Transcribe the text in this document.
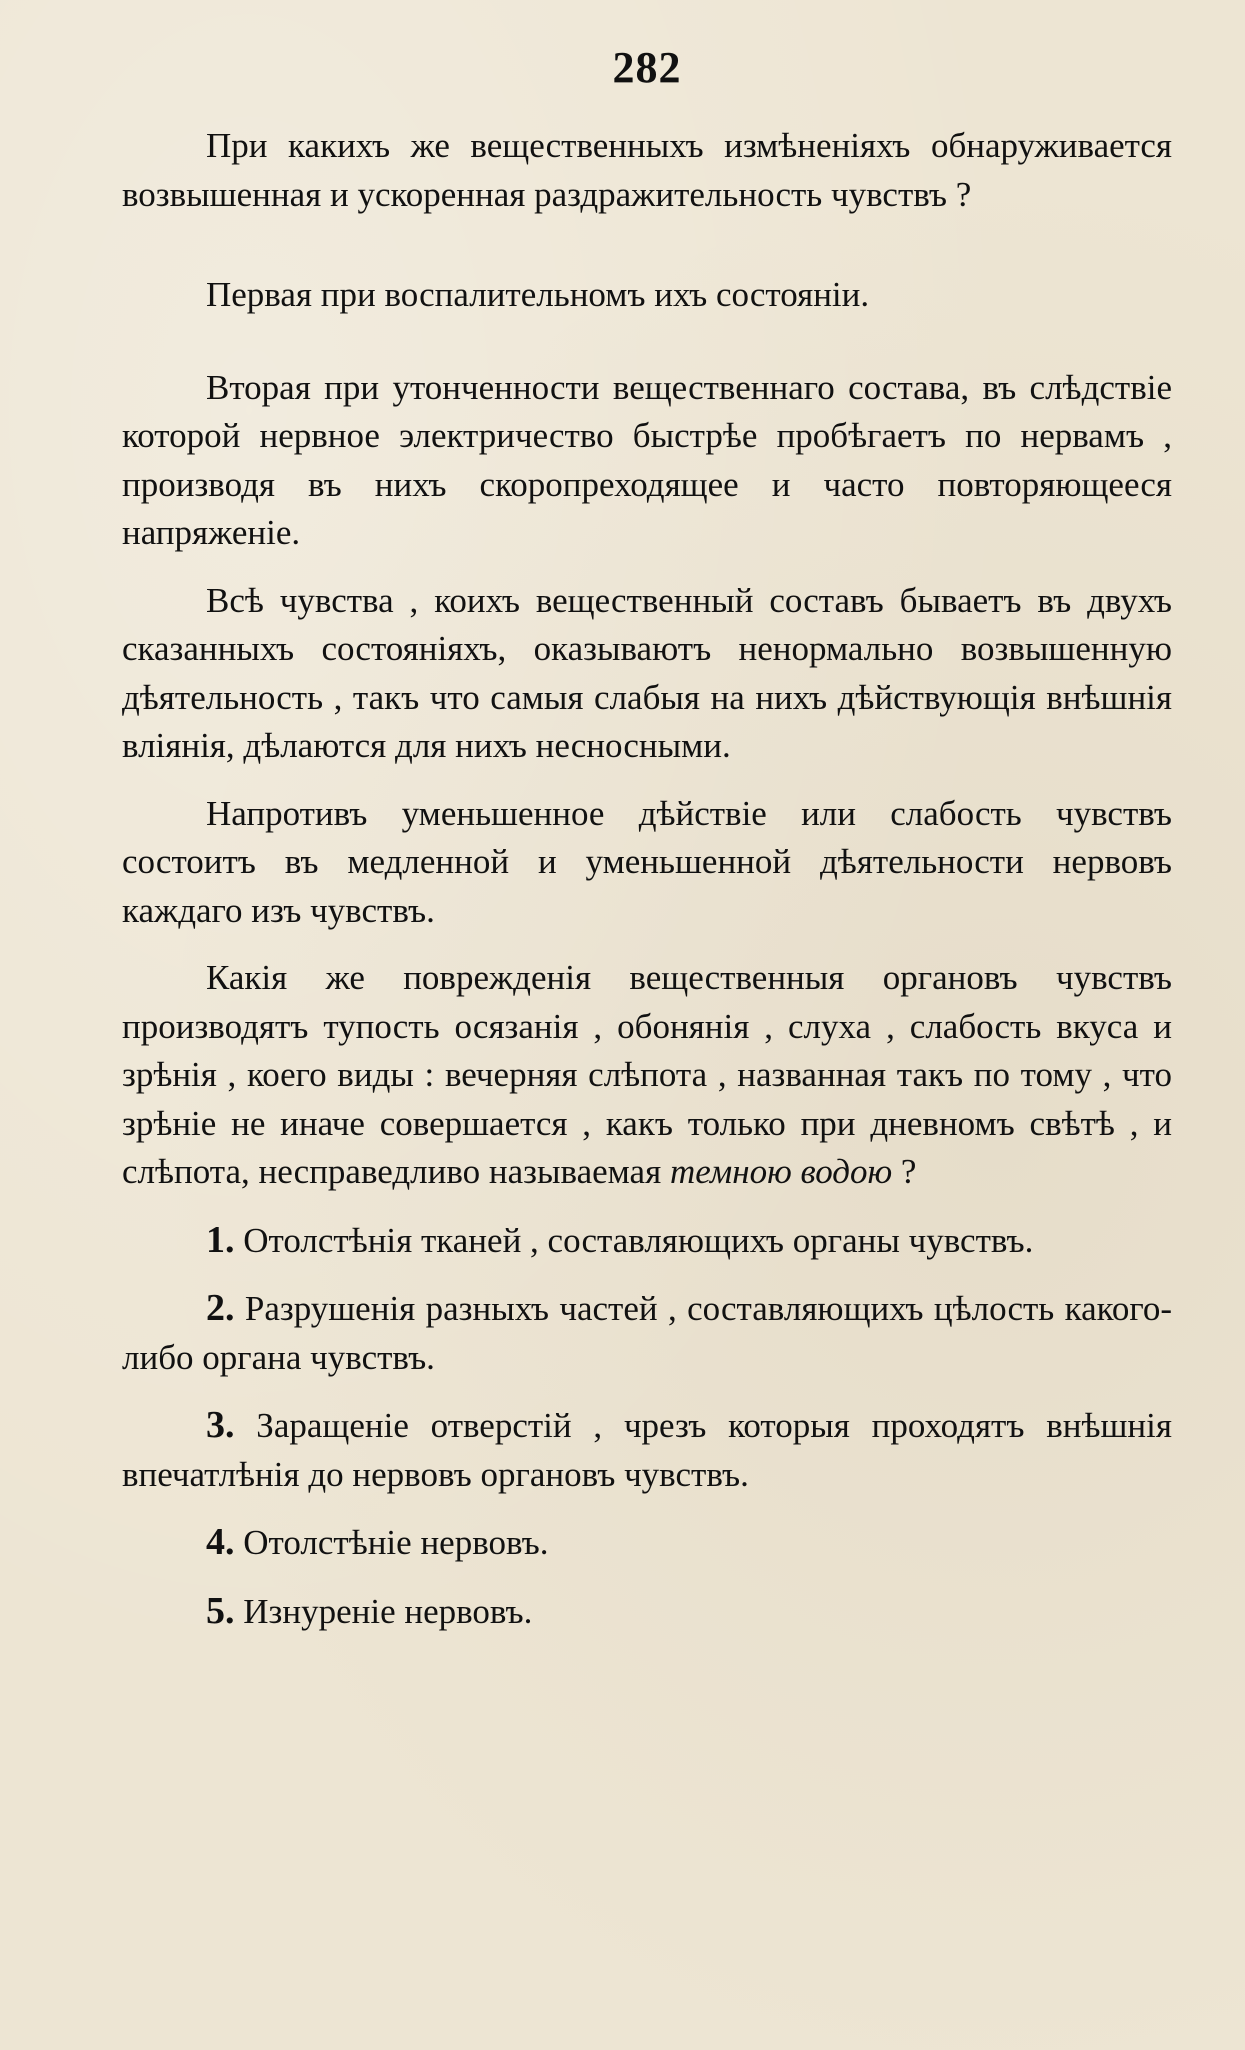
282

При какихъ же вещественныхъ измѣненіяхъ обнаруживается возвышенная и ускоренная раздражительность чувствъ ?

Первая при воспалительномъ ихъ состояніи.

Вторая при утонченности вещественнаго состава, въ слѣдствіе которой нервное электричество быстрѣе пробѣгаетъ по нервамъ , производя въ нихъ скоропреходящее и часто повторяющееся напряженіе.

Всѣ чувства , коихъ вещественный составъ бываетъ въ двухъ сказанныхъ состояніяхъ, оказываютъ ненормально возвышенную дѣятельность , такъ что самыя слабыя на нихъ дѣйствующія внѣшнія вліянія, дѣлаются для нихъ несносными.

Напротивъ уменьшенное дѣйствіе или слабость чувствъ состоитъ въ медленной и уменьшенной дѣятельности нервовъ каждаго изъ чувствъ.

Какія же поврежденія вещественныя органовъ чувствъ производятъ тупость осязанія , обонянія , слуха , слабость вкуса и зрѣнія , коего виды : вечерняя слѣпота , названная такъ по тому , что зрѣніе не иначе совершается , какъ только при дневномъ свѣтѣ , и слѣпота, несправедливо называемая темною водою ?

1. Отолстѣнія тканей , составляющихъ органы чувствъ.

2. Разрушенія разныхъ частей , составляющихъ цѣлость какого-либо органа чувствъ.

3. Заращеніе отверстій , чрезъ которыя проходятъ внѣшнія впечатлѣнія до нервовъ органовъ чувствъ.

4. Отолстѣніе нервовъ.

5. Изнуреніе нервовъ.
